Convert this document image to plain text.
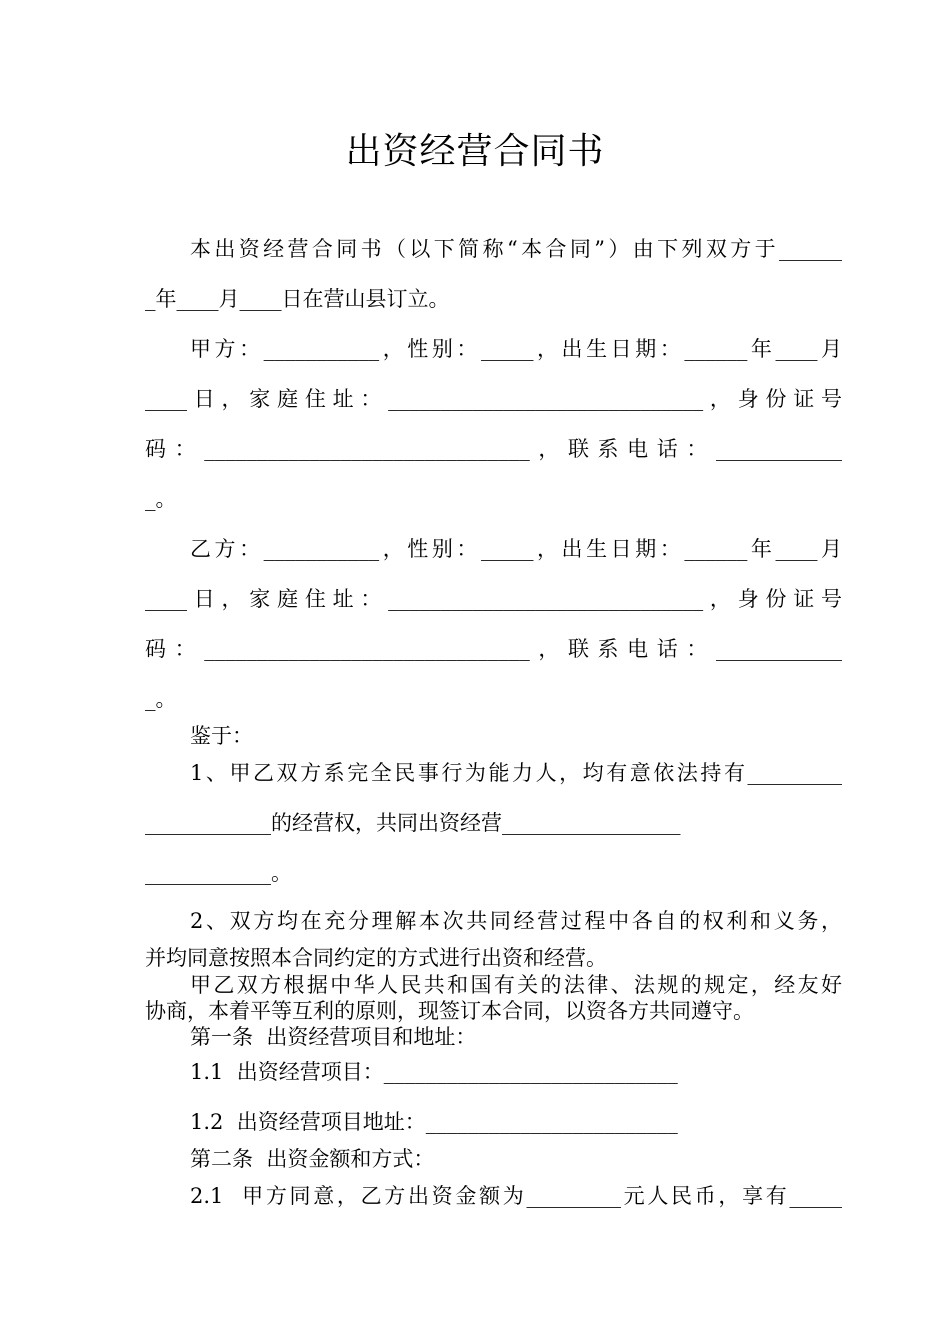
出资经营合同书
本出资经营合同书（以下简称“本合同”）由下列双方于______
_年____月____日在营山县订立。
甲方：___________，性别：_____，出生日期：______年____月
____日，家庭住址：______________________________，身份证号
码：_______________________________，联系电话：____________
_。
乙方：___________，性别：_____，出生日期：______年____月
____日，家庭住址：______________________________，身份证号
码：_______________________________，联系电话：____________
_。
鉴于：
1、甲乙双方系完全民事行为能力人，均有意依法持有_________
____________的经营权，共同出资经营_________________
____________。
2、双方均在充分理解本次共同经营过程中各自的权利和义务，
并均同意按照本合同约定的方式进行出资和经营。
甲乙双方根据中华人民共和国有关的法律、法规的规定，经友好
协商，本着平等互利的原则，现签订本合同，以资各方共同遵守。
第一条  出资经营项目和地址：
1.1  出资经营项目：____________________________
1.2  出资经营项目地址：________________________
第二条  出资金额和方式：
2.1  甲方同意，乙方出资金额为_________元人民币，享有_____
